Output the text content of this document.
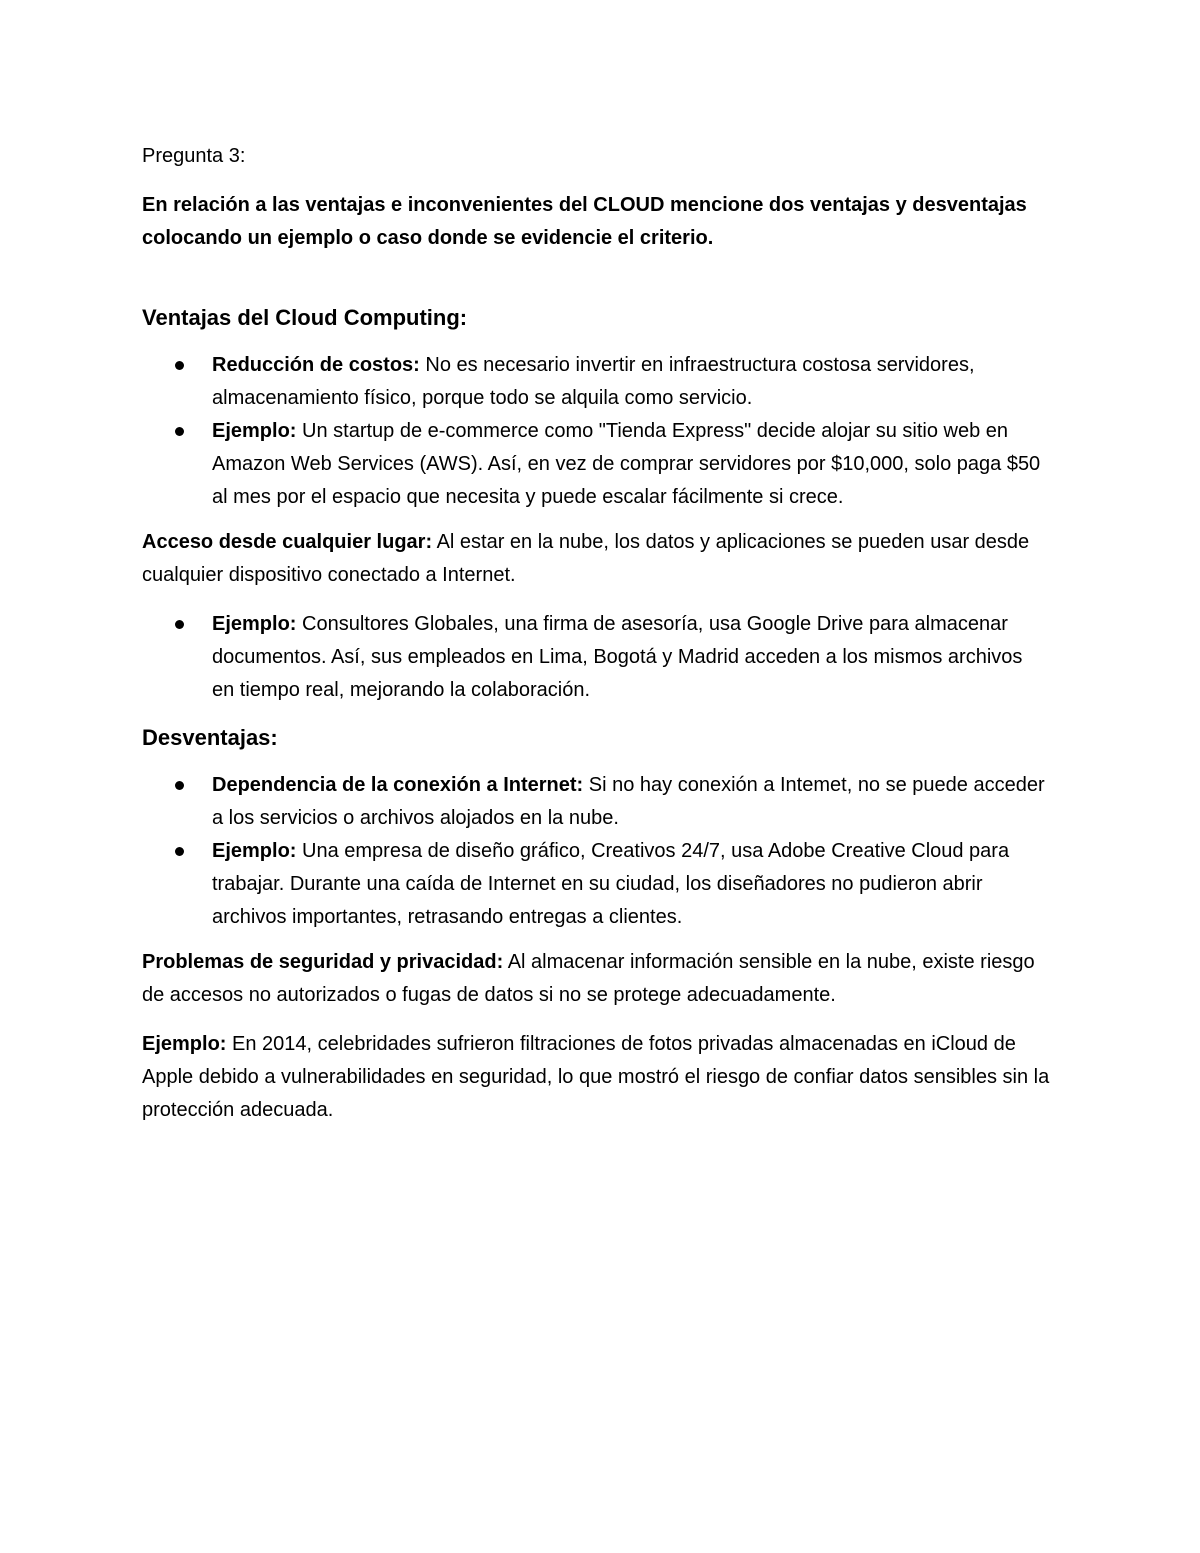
Pregunta 3:

En relación a las ventajas e inconvenientes del CLOUD mencione dos ventajas y desventajas colocando un ejemplo o caso donde se evidencie el criterio.

Ventajas del Cloud Computing:
Reducción de costos: No es necesario invertir en infraestructura costosa servidores, almacenamiento físico, porque todo se alquila como servicio.
Ejemplo: Un startup de e-commerce como "Tienda Express" decide alojar su sitio web en Amazon Web Services (AWS). Así, en vez de comprar servidores por $10,000, solo paga $50 al mes por el espacio que necesita y puede escalar fácilmente si crece.

Acceso desde cualquier lugar: Al estar en la nube, los datos y aplicaciones se pueden usar desde cualquier dispositivo conectado a Internet.

Ejemplo: Consultores Globales, una firma de asesoría, usa Google Drive para almacenar documentos. Así, sus empleados en Lima, Bogotá y Madrid acceden a los mismos archivos en tiempo real, mejorando la colaboración.
Desventajas:
Dependencia de la conexión a Internet: Si no hay conexión a Intemet, no se puede acceder a los servicios o archivos alojados en la nube.
Ejemplo: Una empresa de diseño gráfico, Creativos 24/7, usa Adobe Creative Cloud para trabajar. Durante una caída de Internet en su ciudad, los diseñadores no pudieron abrir archivos importantes, retrasando entregas a clientes.

Problemas de seguridad y privacidad: Al almacenar información sensible en la nube, existe riesgo de accesos no autorizados o fugas de datos si no se protege adecuadamente.

Ejemplo: En 2014, celebridades sufrieron filtraciones de fotos privadas almacenadas en iCloud de Apple debido a vulnerabilidades en seguridad, lo que mostró el riesgo de confiar datos sensibles sin la protección adecuada.
